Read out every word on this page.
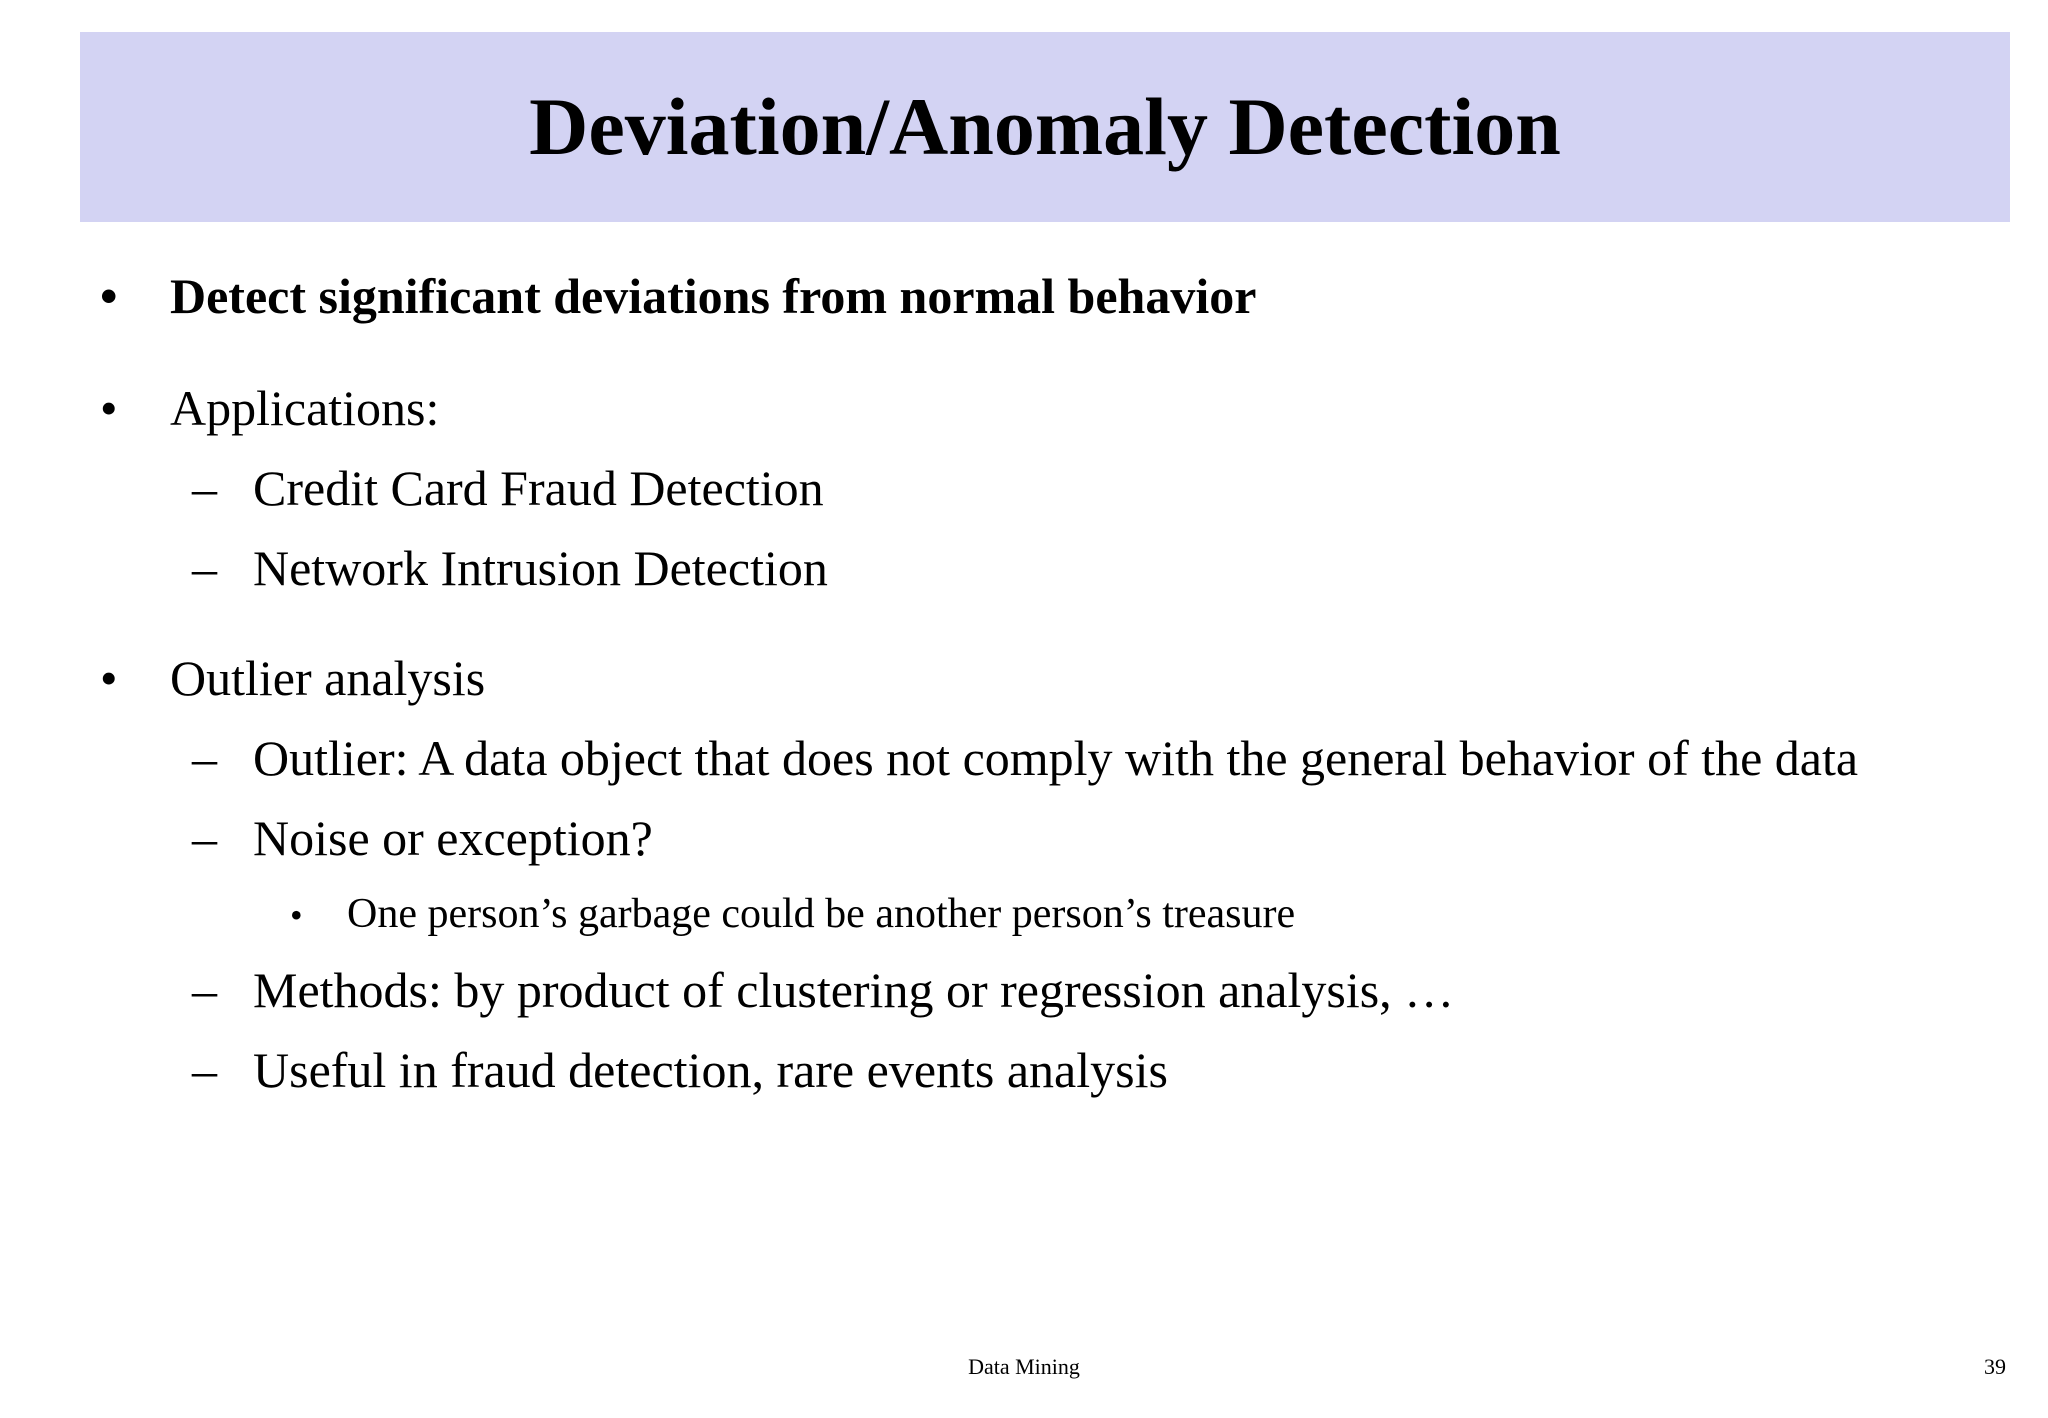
Deviation/Anomaly Detection
• Detect significant deviations from normal behavior
• Applications:
– Credit Card Fraud Detection
– Network Intrusion Detection
• Outlier analysis
– Outlier: A data object that does not comply with the general behavior of the data
– Noise or exception?
• One person’s garbage could be another person’s treasure
– Methods: by product of clustering or regression analysis, …
– Useful in fraud detection, rare events analysis
Data Mining	39
